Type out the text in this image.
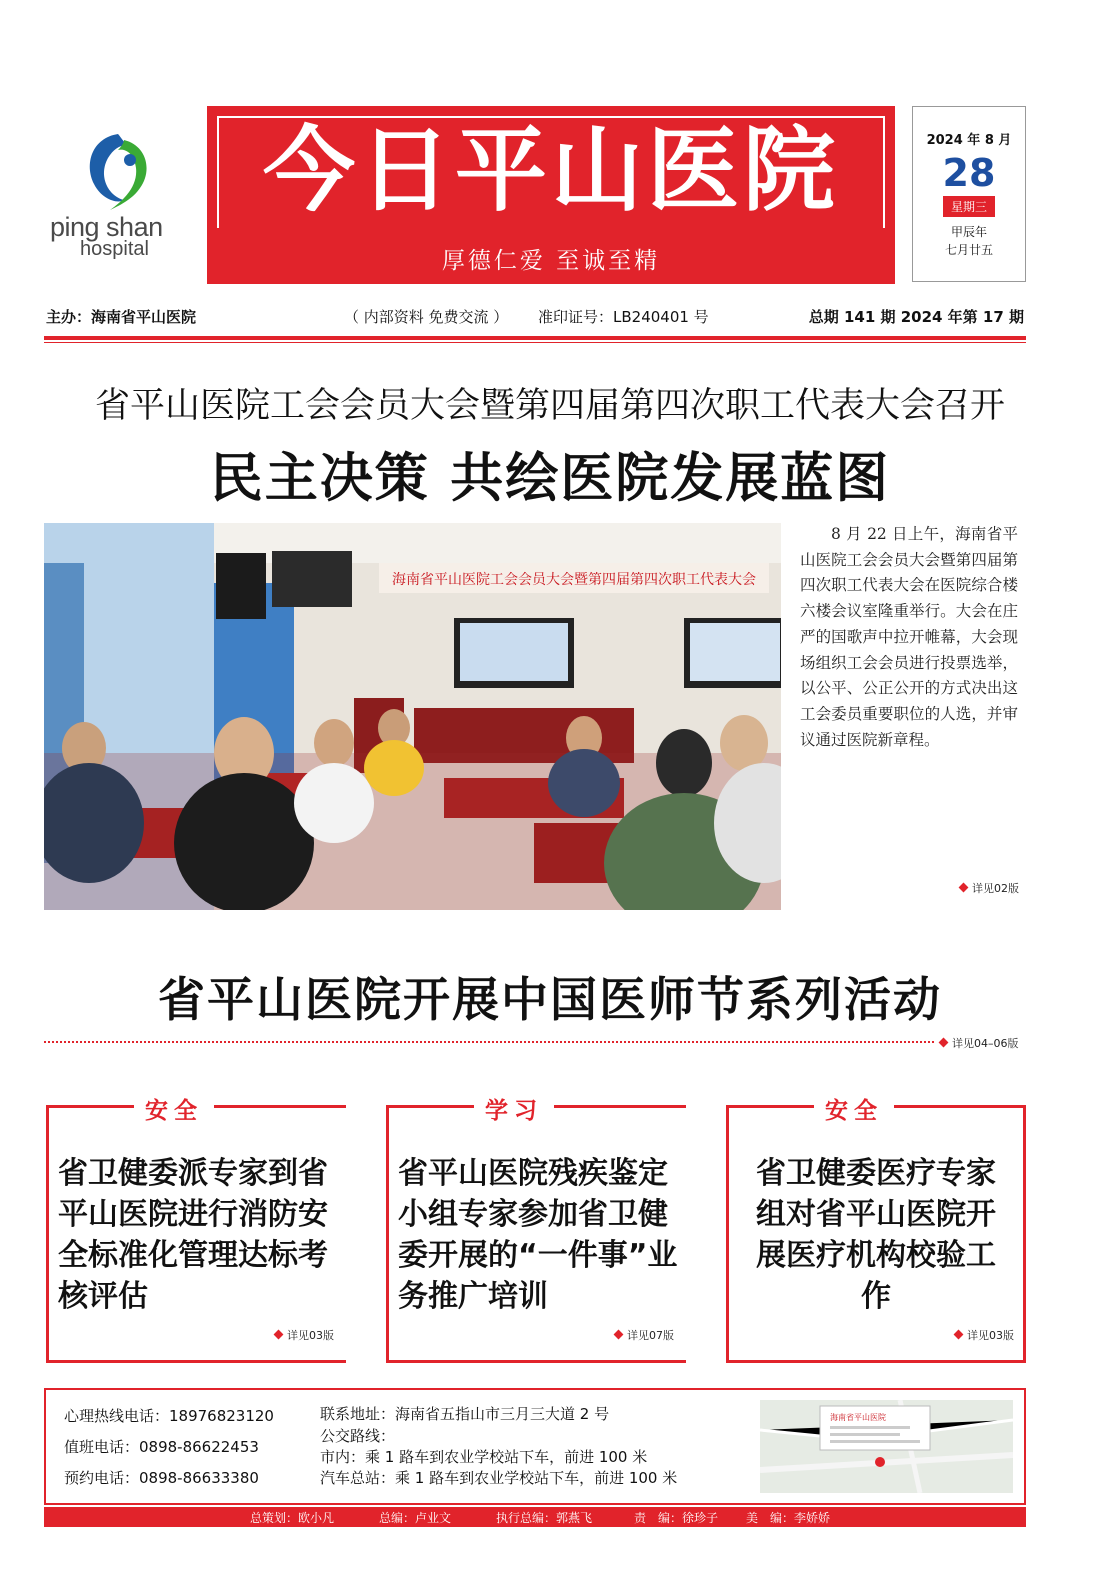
ping shan
hospital
今日平山医院
厚德仁爱 至诚至精
2024 年 8 月
28
星期三
甲辰年
七月廿五
主办：海南省平山医院	（ 内部资料 免费交流 ） 准印证号：LB240401 号	总期 141 期 2024 年第 17 期
省平山医院工会会员大会暨第四届第四次职工代表大会召开
民主决策 共绘医院发展蓝图
海南省平山医院工会会员大会暨第四届第四次职工代表大会
8 月 22 日上午，海南省平山医院工会会员大会暨第四届第四次职工代表大会在医院综合楼六楼会议室隆重举行。大会在庄严的国歌声中拉开帷幕，大会现场组织工会会员进行投票选举，以公平、公正公开的方式决出这工会委员重要职位的人选，并审议通过医院新章程。
详见02版
省平山医院开展中国医师节系列活动
详见04–06版
安全
省卫健委派专家到省平山医院进行消防安全标准化管理达标考核评估
详见03版
学习
省平山医院残疾鉴定小组专家参加省卫健委开展的“一件事”业务推广培训
详见07版
安全
省卫健委医疗专家组对省平山医院开展医疗机构校验工作
详见03版
心理热线电话：18976823120
值班电话：0898-86622453
预约电话：0898-86633380
联系地址：海南省五指山市三月三大道 2 号
公交路线：
市内：乘 1 路车到农业学校站下车，前进 100 米
汽车总站：乘 1 路车到农业学校站下车，前进 100 米
海南省平山医院
总策划：欧小凡	总编：卢业文	执行总编：郭燕飞	责　编：徐珍子 美　编：李娇娇
